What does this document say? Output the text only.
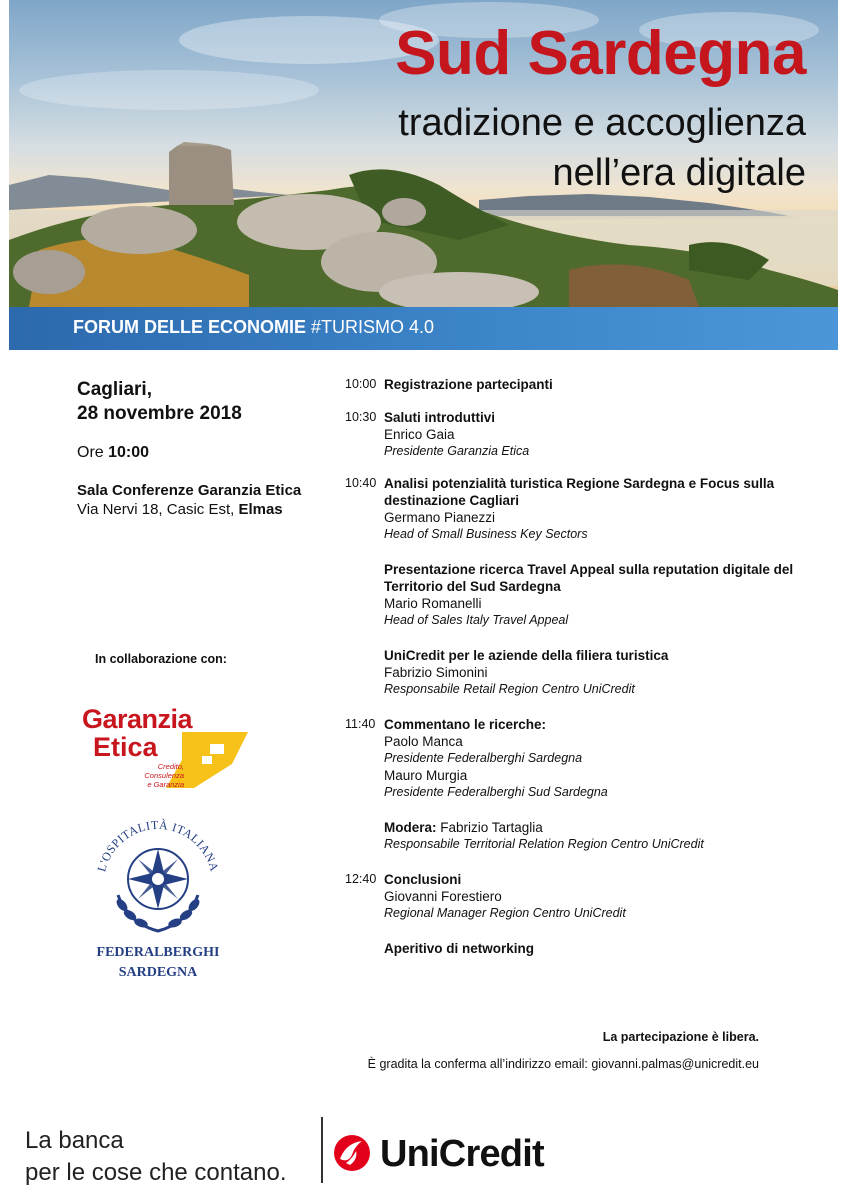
Sud Sardegna
tradizione e accoglienza
nell’era digitale
FORUM DELLE ECONOMIE #TURISMO 4.0
Cagliari,
28 novembre 2018
Ore 10:00
Sala Conferenze Garanzia Etica
Via Nervi 18, Casic Est, Elmas
In collaborazione con:
Garanzia
Etica
Credito, Consulenza
e Garanzia
L'OSPITALITÀ ITALIANA
FEDERALBERGHI
SARDEGNA
10:00 Registrazione partecipanti
10:30 Saluti introduttivi
Enrico Gaia
Presidente Garanzia Etica
10:40 Analisi potenzialità turistica Regione Sardegna e Focus sulla destinazione Cagliari
Germano Pianezzi
Head of Small Business Key Sectors
Presentazione ricerca Travel Appeal sulla reputation digitale del Territorio del Sud Sardegna
Mario Romanelli
Head of Sales Italy Travel Appeal
UniCredit per le aziende della filiera turistica
Fabrizio Simonini
Responsabile Retail Region Centro UniCredit
11:40 Commentano le ricerche:
Paolo Manca
Presidente Federalberghi Sardegna
Mauro Murgia
Presidente Federalberghi Sud Sardegna
Modera: Fabrizio Tartaglia
Responsabile Territorial Relation Region Centro UniCredit
12:40 Conclusioni
Giovanni Forestiero
Regional Manager Region Centro UniCredit
Aperitivo di networking
La partecipazione è libera.
È gradita la conferma all’indirizzo email: giovanni.palmas@unicredit.eu
La banca
per le cose che contano. UniCredit
